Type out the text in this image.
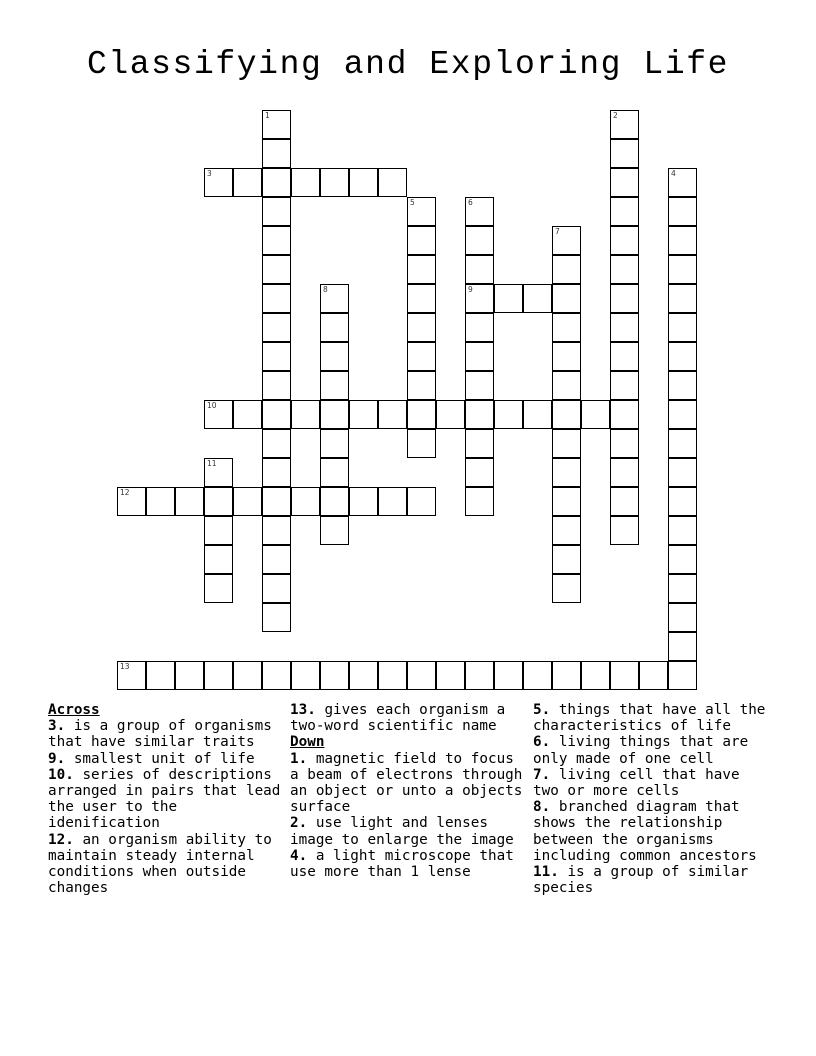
Classifying and Exploring Life
1	2
3	4
5	6
9
7
8
10
11
12
13

Across

3. is a group of organisms that have similar traits

9. smallest unit of life

10. series of descriptions arranged in pairs that lead the user to the idenification

12. an organism ability to maintain steady internal conditions when outside changes

13. gives each organism a two-word scientific name

Down

1. magnetic field to focus a beam of electrons through an object or unto a objects surface

2. use light and lenses image to enlarge the image

4. a light microscope that use more than 1 lense

5. things that have all the characteristics of life

6. living things that are only made of one cell

7. living cell that have two or more cells

8. branched diagram that shows the relationship between the organisms including common ancestors

11. is a group of similar species
